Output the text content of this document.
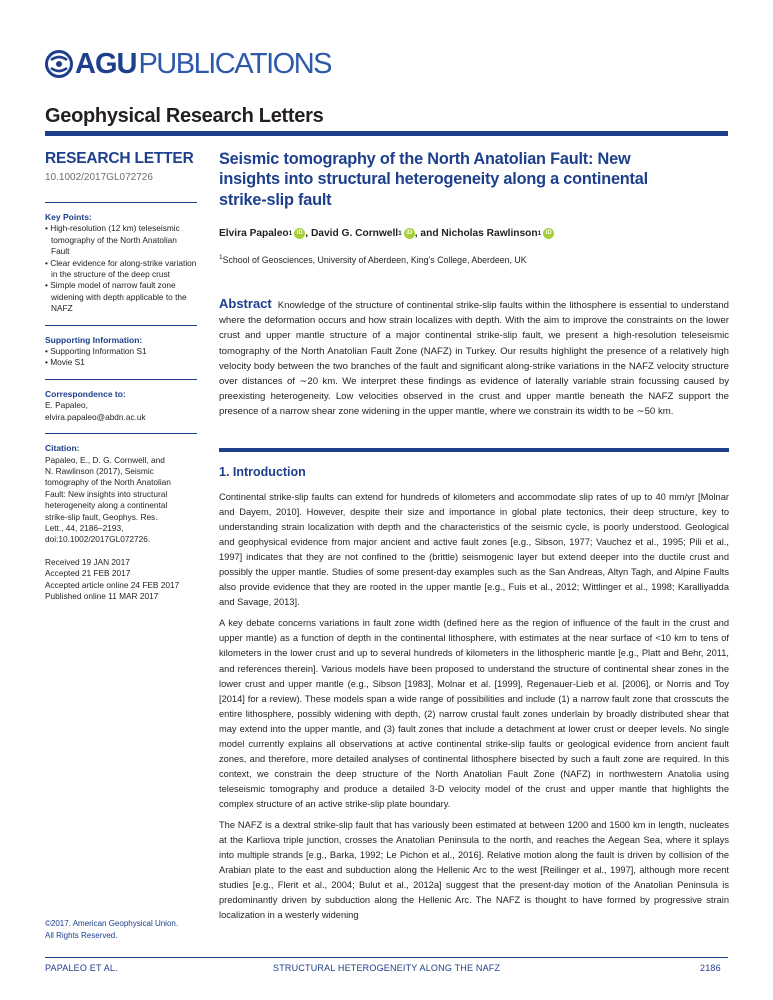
AGU PUBLICATIONS
Geophysical Research Letters
RESEARCH LETTER
10.1002/2017GL072726
Key Points:
• High-resolution (12 km) teleseismic tomography of the North Anatolian Fault
• Clear evidence for along-strike variation in the structure of the deep crust
• Simple model of narrow fault zone widening with depth applicable to the NAFZ
Supporting Information:
• Supporting Information S1
• Movie S1
Correspondence to:
E. Papaleo,
elvira.papaleo@abdn.ac.uk
Citation:
Papaleo, E., D. G. Cornwell, and N. Rawlinson (2017), Seismic tomography of the North Anatolian Fault: New insights into structural heterogeneity along a continental strike-slip fault, Geophys. Res. Lett., 44, 2186–2193, doi:10.1002/2017GL072726.
Received 19 JAN 2017
Accepted 21 FEB 2017
Accepted article online 24 FEB 2017
Published online 11 MAR 2017
©2017. American Geophysical Union.
All Rights Reserved.
Seismic tomography of the North Anatolian Fault: New insights into structural heterogeneity along a continental strike-slip fault
Elvira Papaleo 1 iD , David G. Cornwell 1 iD , and Nicholas Rawlinson 1 iD
$^1$School of Geosciences, University of Aberdeen, King’s College, Aberdeen, UK
Abstract Knowledge of the structure of continental strike-slip faults within the lithosphere is essential to understand where the deformation occurs and how strain localizes with depth. With the aim to improve the constraints on the lower crust and upper mantle structure of a major continental strike-slip fault, we present a high-resolution teleseismic tomography of the North Anatolian Fault Zone (NAFZ) in Turkey. Our results highlight the presence of a relatively high velocity body between the two branches of the fault and significant along-strike variations in the NAFZ velocity structure over distances of ∼20 km. We interpret these findings as evidence of laterally variable strain focussing caused by preexisting heterogeneity. Low velocities observed in the crust and upper mantle beneath the NAFZ support the presence of a narrow shear zone widening in the upper mantle, where we constrain its width to be ∼50 km.
1. Introduction

Continental strike-slip faults can extend for hundreds of kilometers and accommodate slip rates of up to 40 mm/yr [Molnar and Dayem, 2010]. However, despite their size and importance in global plate tectonics, their deep structure, key to understanding strain localization with depth and the characteristics of the seismic cycle, is poorly understood. Geological and geophysical evidence from major ancient and active fault zones [e.g., Sibson, 1977; Vauchez et al., 1995; Pili et al., 1997] indicates that they are not confined to the (brittle) seismogenic layer but extend deeper into the ductile crust and possibly the upper mantle. Studies of some present-day examples such as the San Andreas, Altyn Tagh, and Alpine Faults also provide evidence that they are rooted in the upper mantle [e.g., Fuis et al., 2012; Wittlinger et al., 1998; Karalliyadda and Savage, 2013].

A key debate concerns variations in fault zone width (defined here as the region of influence of the fault in the crust and upper mantle) as a function of depth in the continental lithosphere, with estimates at the near surface of <10 km to tens of kilometers in the lower crust and up to several hundreds of kilometers in the lithospheric mantle [e.g., Platt and Behr, 2011, and references therein]. Various models have been proposed to understand the structure of continental shear zones in the lower crust and upper mantle (e.g., Sibson [1983], Molnar et al. [1999], Regenauer-Lieb et al. [2006], or Norris and Toy [2014] for a review). These models span a wide range of possibilities and include (1) a narrow fault zone that crosscuts the entire lithosphere, possibly widening with depth, (2) narrow crustal fault zones underlain by broadly distributed shear that may extend into the upper mantle, and (3) fault zones that include a detachment at lower crust or deeper levels. No single model currently explains all observations at active continental strike-slip faults or geological evidence from ancient fault zones, and therefore, more detailed analyses of continental lithosphere bisected by such a fault zone are required. In this context, we constrain the deep structure of the North Anatolian Fault Zone (NAFZ) in northwestern Anatolia using teleseismic tomography and produce a detailed 3-D velocity model of the crust and upper mantle that highlights the complex structure of an active strike-slip plate boundary.

The NAFZ is a dextral strike-slip fault that has variously been estimated at between 1200 and 1500 km in length, nucleates at the Karliova triple junction, crosses the Anatolian Peninsula to the north, and reaches the Aegean Sea, where it splays into multiple strands [e.g., Barka, 1992; Le Pichon et al., 2016]. Relative motion along the fault is driven by collision of the Arabian plate to the east and subduction along the Hellenic Arc to the west [Reilinger et al., 1997], although more recent studies [e.g., Flerit et al., 2004; Bulut et al., 2012a] suggest that the present-day motion of the Anatolian Peninsula is predominantly driven by subduction along the Hellenic Arc. The NAFZ is thought to have formed by progressive strain localization in a westerly widening

PAPALEO ET AL.	STRUCTURAL HETEROGENEITY ALONG THE NAFZ	2186
